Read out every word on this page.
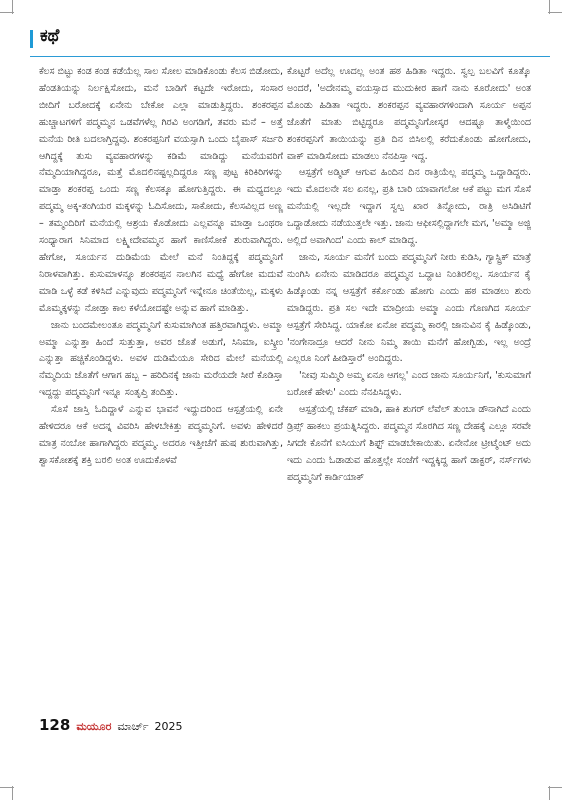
ಕಥೆ

ಕೆಲಸ ಬಿಟ್ಟು ಕಂಡ ಕಂಡ ಕಡೆಯೆಲ್ಲ ಸಾಲ ಸೋಲ ಮಾಡಿಕೊಂಡು ಕೆಲಸ ಬಿಡೋದು, ಹೆಂಡತಿಯನ್ನು ನಿರ್ಲಕ್ಷಿಸೋದು, ಮನೆ ಬಾಡಿಗೆ ಕಟ್ಟದೇ ಇರೋದು, ಸಂಸಾರ ಬೀದಿಗೆ ಬರೋದಕ್ಕೆ ಏನೇನು ಬೇಕೋ ಎಲ್ಲಾ ಮಾಡುತ್ತಿದ್ದರು. ಶಂಕರಪ್ಪನ ಹುಚ್ಚಾಟಗಳಿಗೆ ಪದ್ಮಮ್ಮನ ಒಡವೆಗಳೆಲ್ಲ ಗಿರವಿ ಅಂಗಡಿಗೆ, ತವರು ಮನೆ – ಅತ್ತೆ ಮನೆಯ ರೀತಿ ಬದಲಾಗ್ತಿದ್ದವು. ಶಂಕರಪ್ಪನಿಗೆ ವಯಸ್ಸಾಗಿ ಒಂದು ಬೈಪಾಸ್ ಸರ್ಜರಿ ಆಗಿದ್ದಕ್ಕೆ ತುಸು ವ್ಯವಹಾರಗಳನ್ನು ಕಡಿಮೆ ಮಾಡಿದ್ದು ಮನೆಯವರಿಗೆ ನೆಮ್ಮದಿಯಾಗಿದ್ದರೂ, ಮತ್ತೆ ಮೊದಲಿನಷ್ಟಲ್ಲದಿದ್ದರೂ ಸಣ್ಣ ಪುಟ್ಟ ಕಿರಿಕಿರಿಗಳನ್ನು ಮಾಡ್ತಾ ಶಂಕರಪ್ಪ ಒಂದು ಸಣ್ಣ ಕೆಲಸಕ್ಕೂ ಹೋಗುತ್ತಿದ್ದರು. ಈ ಮಧ್ಯದಲ್ಲೂ ಪದ್ಮಮ್ಮ ಅಕ್ಕ-ತಂಗಿಯರ ಮಕ್ಕಳನ್ನು ಓದಿಸೋದು, ಸಾಕೋದು, ಕೆಲಸವಿಲ್ಲದ ಅಣ್ಣ – ತಮ್ಮಂದಿರಿಗೆ ಮನೆಯಲ್ಲಿ ಆಶ್ರಯ ಕೊಡೋದು ಎಲ್ಲವನ್ನೂ ಮಾಡ್ತಾ ಒಂಥರಾ ಸಂಧ್ಯಾರಾಗ ಸಿನಿಮಾದ ಲಕ್ಷ್ಮೀದೇವಮ್ಮನ ಹಾಗೆ ಕಾಣಿಸೋಕೆ ಶುರುವಾಗಿದ್ದರು. ಹೇಗೋ, ಸೂರ್ಯನ ದುಡಿಮೆಯ ಮೇಲೆ ಮನೆ ನಿಂತಿದ್ದಕ್ಕೆ ಪದ್ಮಮ್ಮನಿಗೆ ನಿರಾಳವಾಗಿತ್ತು. ಕುಸುಮಾಳನ್ನೂ ಶಂಕರಪ್ಪನ ನಾಲಗಿನ ಮಧ್ಯೆ ಹೇಗೋ ಮದುವೆ ಮಾಡಿ ಒಳ್ಳೆ ಕಡೆ ಕಳಿಸಿದೆ ಎನ್ನುವುದು ಪದ್ಮಮ್ಮನಿಗೆ ಇನ್ನೇನೂ ಚಿಂತೆಯಿಲ್ಲ, ಮಕ್ಕಳು ಮೊಮ್ಮಕ್ಕಳನ್ನು ನೋಡ್ತಾ ಕಾಲ ಕಳೆಯೋದಷ್ಟೇ ಅನ್ನುವ ಹಾಗೆ ಮಾಡಿತ್ತು.

ಜಾನು ಬಂದಮೇಲಂತೂ ಪದ್ಮಮ್ಮನಿಗೆ ಕುಸುಮಾಗಿಂತ ಹತ್ತಿರವಾಗಿದ್ದಳು. ಅಮ್ಮಾ ಅಮ್ಮಾ ಎನ್ನುತ್ತಾ ಹಿಂದೆ ಸುತ್ತುತ್ತಾ, ಅವರ ಜೊತೆ ಅಡುಗೆ, ಸಿನಿಮಾ, ಐಸ್ಕ್ರೀಂ ಎನ್ನುತ್ತಾ ಹಚ್ಚಿಕೊಂಡಿದ್ದಳು. ಅವಳ ದುಡಿಮೆಯೂ ಸೇರಿದ ಮೇಲೆ ಮನೆಯಲ್ಲಿ ನೆಮ್ಮದಿಯ ಜೊತೆಗೆ ಆಗಾಗ ಹಬ್ಬ – ಹರಿದಿನಕ್ಕೆ ಜಾನು ಮರೆಯದೇ ಸೀರೆ ಕೊಡಿಸ್ತಾ ಇದ್ದದ್ದು ಪದ್ಮಮ್ಮನಿಗೆ ಇನ್ನೂ ಸಂತೃಪ್ತಿ ತಂದಿತ್ತು.

ಸೊಸೆ ಜಾಸ್ತಿ ಓದಿದ್ದಾಳೆ ಎನ್ನುವ ಭಾವನೆ ಇದ್ದುದರಿಂದ ಆಸ್ಪತ್ರೆಯಲ್ಲಿ ಏನೇ ಹೇಳಿದರೂ ಆಕೆ ಅದನ್ನ ವಿವರಿಸಿ ಹೇಳಬೇಕಿತ್ತು ಪದ್ಮಮ್ಮನಿಗೆ. ಅವಳು ಹೇಳಿದರೆ ಮಾತ್ರ ನಂಬೋ ಹಾಗಾಗಿದ್ದರು ಪದ್ಮಮ್ಮ. ಅದರೂ ಇತ್ತೀಚೆಗೆ ಹುಷ ಶುರುವಾಗಿತ್ತು, ಶ್ವಾಸಕೋಶಕ್ಕೆ ಶಕ್ತಿ ಬರಲಿ ಅಂತ ಊದುಕೊಳವೆ

ಕೊಟ್ಟರೆ ಅದೆಲ್ಲ ಊದಲ್ಲ ಅಂತ ಹಠ ಹಿಡಿತಾ ಇದ್ದರು. ಸ್ವಲ್ಪ ಬಲವಿಗೆ ಕೂತ್ಕೊ ಅಂದರೆ, 'ಅದೇನಮ್ಮ ವಯಸ್ಸಾದ ಮುದುಕೀರ ಹಾಗೆ ನಾನು ಕೂರೋದು' ಅಂತ ಮೊಂಡು ಹಿಡಿತಾ ಇದ್ದರು. ಶಂಕರಪ್ಪನ ವ್ಯವಹಾರಗಳಿಂದಾಗಿ ಸೂರ್ಯ ಅಪ್ಪನ ಜೊತೆಗೆ ಮಾತು ಬಿಟ್ಟಿದ್ದರೂ ಪದ್ಮಮ್ಮನಿಗೋಸ್ಕರ ಆದಷ್ಟೂ ತಾಳ್ಮೆಯಿಂದ ಶಂಕರಪ್ಪನಿಗೆ ತಾಯಿಯನ್ನು ಪ್ರತಿ ದಿನ ಬಿಸಿಲಲ್ಲಿ ಕರೆದುಕೊಂಡು ಹೋಗೋದು, ವಾಕ್ ಮಾಡಿಸೋದು ಮಾಡಲು ನೆನಪಿಸ್ತಾ ಇದ್ದ.

ಆಸ್ಪತ್ರೆಗೆ ಅಡ್ಮಿಟ್ ಆಗುವ ಹಿಂದಿನ ದಿನ ರಾತ್ರಿಯೆಲ್ಲ ಪದ್ಮಮ್ಮ ಒದ್ದಾಡಿದ್ದರು. ಇದು ಮೊದಲನೇ ಸಲ ಏನಲ್ಲ, ಪ್ರತಿ ಬಾರಿ ಯಾವಾಗಲೋ ಆಕೆ ಪಟ್ಟು ಮಗ ಸೊಸೆ ಮನೆಯಲ್ಲಿ ಇಲ್ಲದೇ ಇದ್ದಾಗ ಸ್ವಲ್ಪ ಖಾರ ತಿನ್ನೋದು, ರಾತ್ರಿ ಅಸಿಡಿಟಿಗೆ ಒದ್ದಾಡೋದು ನಡೆಯುತ್ತಲೇ ಇತ್ತು. ಜಾನು ಆಫೀಸಲ್ಲಿದ್ದಾಗಲೇ ಮಗ, 'ಅಮ್ಮಾ ಅಜ್ಜಿ ಅಲ್ಲಿದೆ ಅವಾಗಿಂದ' ಎಂದು ಕಾಲ್ ಮಾಡಿದ್ದ.

ಜಾನು, ಸೂರ್ಯ ಮನೆಗೆ ಬಂದು ಪದ್ಮಮ್ಮನಿಗೆ ನೀರು ಕುಡಿಸಿ, ಗ್ಯಾಸ್ಟ್ರಿಕ್ ಮಾತ್ರೆ ನುಂಗಿಸಿ ಏನೇನು ಮಾಡಿದರೂ ಪದ್ಮಮ್ಮನ ಒದ್ದಾಟ ನಿಂತಿರಲಿಲ್ಲ. ಸೂರ್ಯನ ಕೈ ಹಿಡ್ಕೊಂಡು ನನ್ನ ಆಸ್ಪತ್ರೆಗೆ ಕರ್ಕೊಂಡು ಹೋಗು ಎಂದು ಹಠ ಮಾಡಲು ಶುರು ಮಾಡಿದ್ದರು. ಪ್ರತಿ ಸಲ ಇದೇ ಮಾದ್ರೀಯ ಅಮ್ಮಾ ಎಂದು ಗೊಣಗಿದ ಸೂರ್ಯ ಆಸ್ಪತ್ರೆಗೆ ಸೇರಿಸಿದ್ದ. ಯಾಕೋ ಏನೋ ಪದ್ಮಮ್ಮ ಕಾರಲ್ಲಿ ಜಾನುವಿನ ಕೈ ಹಿಡ್ಕೊಂಡು, 'ನಂಗೇನಾದ್ರೂ ಆದರೆ ನೀನು ನಿಮ್ಮ ತಾಯಿ ಮನೆಗೆ ಹೋಗ್ಬಿಡು, ಇಲ್ಲ ಅಂದ್ರೆ ಎಲ್ಲರೂ ನಿಂಗೆ ಹೀಡಿಸ್ತಾರೆ' ಅಂದಿದ್ದರು.

'ನೀವು ಸುಮ್ಮಿರಿ ಅಮ್ಮ ಏನೂ ಆಗಲ್ಲ' ಎಂದ ಜಾನು ಸೂರ್ಯನಿಗೆ, 'ಕುಸುಮಾಗೆ ಬರೋಕೆ ಹೇಳು' ಎಂದು ನೆನಪಿಸಿದ್ದಳು.

ಆಸ್ಪತ್ರೆಯಲ್ಲಿ ಚೆಕಪ್ ಮಾಡಿ, ಹಾಕಿ ಶುಗರ್ ಲೆವೆಲ್ ತುಂಬಾ ಡೌನಾಗಿದೆ ಎಂದು ಡ್ರಿಪ್ಸ್ ಹಾಕಲು ಪ್ರಯತ್ನಿಸಿದ್ದರು. ಪದ್ಮಮ್ಮನ ಸೊರಗಿದ ಸಣ್ಣ ದೇಹಕ್ಕೆ ಎಲ್ಲೂ ಸರವೇ ಸಿಗದೇ ಕೊನೆಗೆ ಐಸಿಯುಗೆ ಶಿಫ್ಟ್ ಮಾಡಬೇಕಾಯಿತು. ಏನೇನೋ ಟ್ರೀಟ್ಮೆಂಟ್ ಅದು ಇದು ಎಂದು ಓಡಾಡುವ ಹೊತ್ತಲ್ಲೇ ಸಂಜೆಗೆ ಇದ್ದಕ್ಕಿದ್ದ ಹಾಗೆ ಡಾಕ್ಟರ್, ನರ್ಸ್‌ಗಳು ಪದ್ಮಮ್ಮನಿಗೆ ಕಾರ್ಡಿಯಾಕ್

128 ಮಯೂರ ಮಾರ್ಚ್ 2025
